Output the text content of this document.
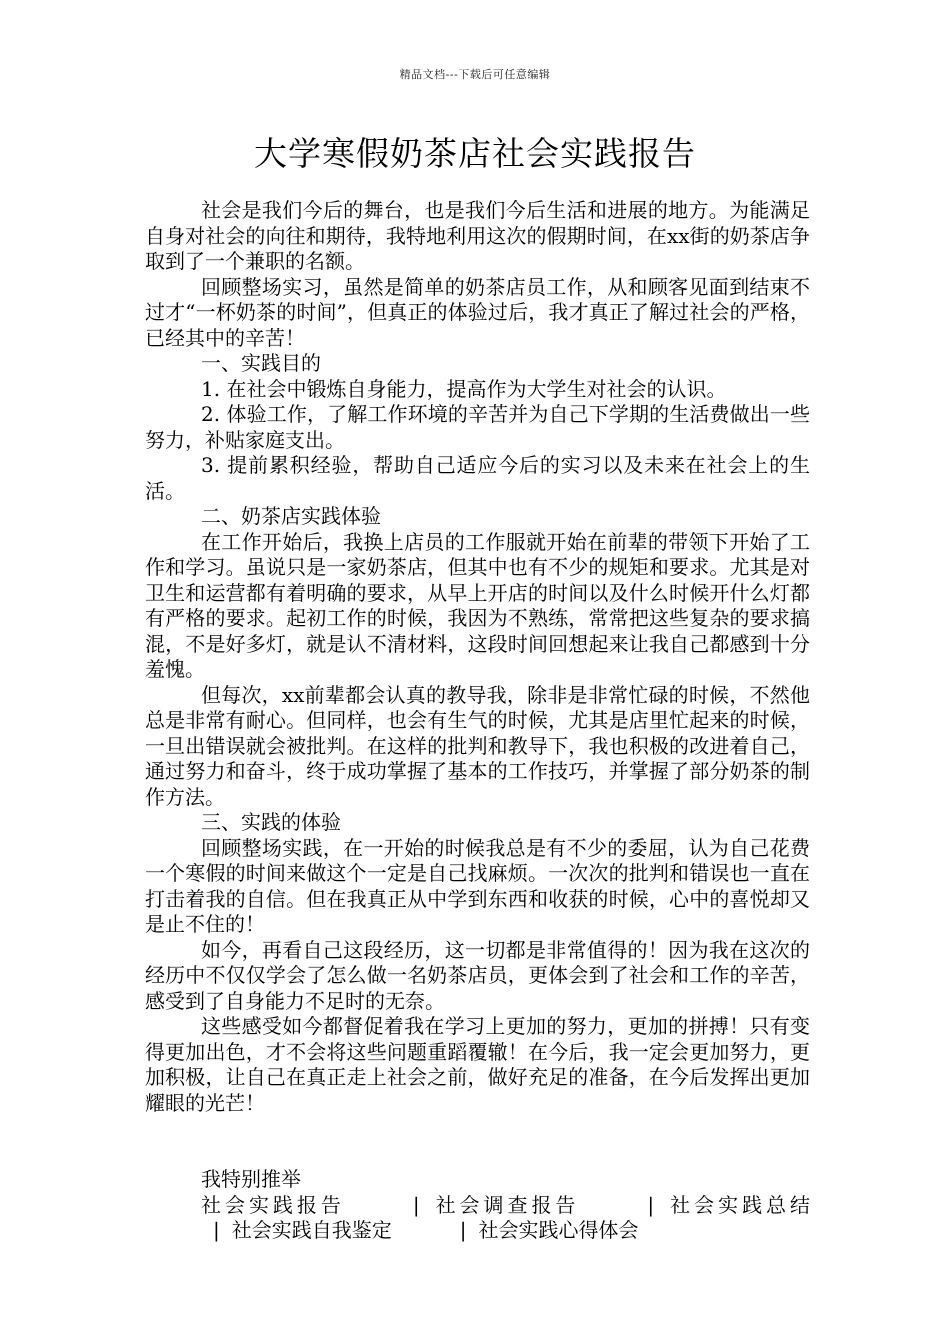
精品文档---下载后可任意编辑
大学寒假奶茶店社会实践报告

社会是我们今后的舞台，也是我们今后生活和进展的地方。为能满足自身对社会的向往和期待，我特地利用这次的假期时间，在xx街的奶茶店争取到了一个兼职的名额。

回顾整场实习，虽然是简单的奶茶店员工作，从和顾客见面到结束不过才“一杯奶茶的时间”，但真正的体验过后，我才真正了解过社会的严格，已经其中的辛苦！

一、实践目的

1. 在社会中锻炼自身能力，提高作为大学生对社会的认识。

2. 体验工作，了解工作环境的辛苦并为自己下学期的生活费做出一些努力，补贴家庭支出。

3. 提前累积经验，帮助自己适应今后的实习以及未来在社会上的生活。

二、奶茶店实践体验

在工作开始后，我换上店员的工作服就开始在前辈的带领下开始了工作和学习。虽说只是一家奶茶店，但其中也有不少的规矩和要求。尤其是对卫生和运营都有着明确的要求，从早上开店的时间以及什么时候开什么灯都有严格的要求。起初工作的时候，我因为不熟练，常常把这些复杂的要求搞混，不是好多灯，就是认不清材料，这段时间回想起来让我自己都感到十分羞愧。

但每次，xx前辈都会认真的教导我，除非是非常忙碌的时候，不然他总是非常有耐心。但同样，也会有生气的时候，尤其是店里忙起来的时候，一旦出错误就会被批判。在这样的批判和教导下，我也积极的改进着自己，通过努力和奋斗，终于成功掌握了基本的工作技巧，并掌握了部分奶茶的制作方法。

三、实践的体验

回顾整场实践，在一开始的时候我总是有不少的委屈，认为自己花费一个寒假的时间来做这个一定是自己找麻烦。一次次的批判和错误也一直在打击着我的自信。但在我真正从中学到东西和收获的时候，心中的喜悦却又是止不住的！

如今，再看自己这段经历，这一切都是非常值得的！因为我在这次的经历中不仅仅学会了怎么做一名奶茶店员，更体会到了社会和工作的辛苦，感受到了自身能力不足时的无奈。

这些感受如今都督促着我在学习上更加的努力，更加的拼搏！只有变得更加出色，才不会将这些问题重蹈覆辙！在今后，我一定会更加努力，更加积极，让自己在真正走上社会之前，做好充足的准备，在今后发挥出更加耀眼的光芒！

我特别推举

社会实践报告	| 社会调查报告	| 社会实践总结| 社会实践自我鉴定	| 社会实践心得体会
